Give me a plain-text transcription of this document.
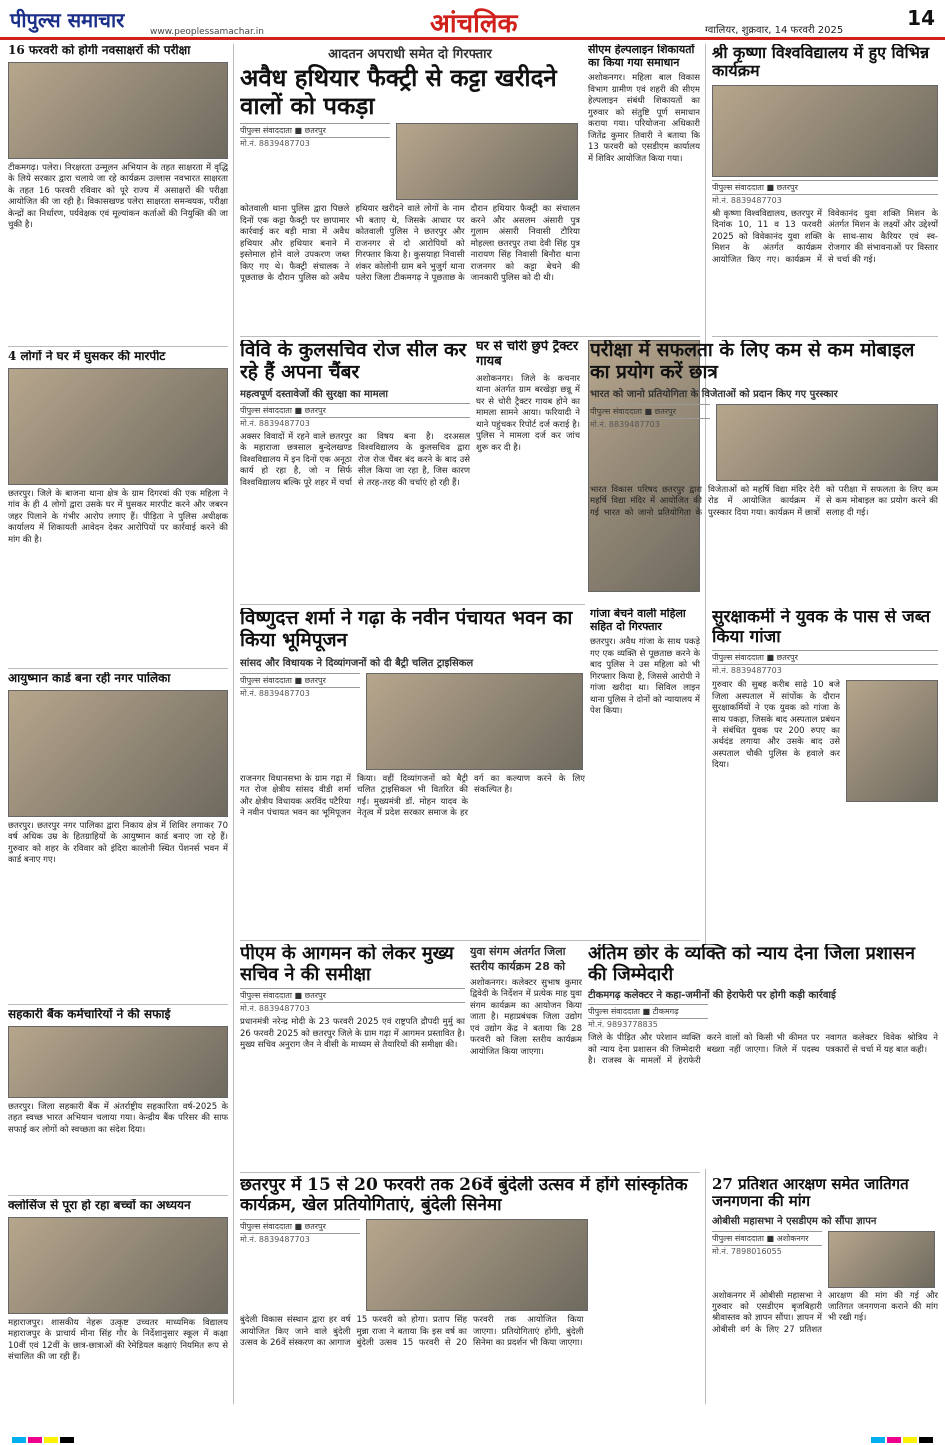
पीपुल्स समाचार	www.peoplessamachar.in	आंचलिक	ग्वालियर, शुक्रवार, 14 फरवरी 2025
14
16 फरवरी को होगी नवसाक्षरों की परीक्षा
टीकमगढ़। पलेरा। निरक्षरता उन्मूलन अभियान के तहत साक्षरता में वृद्धि के लिये सरकार द्वारा चलाये जा रहे कार्यक्रम उल्लास नवभारत साक्षरता के तहत 16 फरवरी रविवार को पूरे राज्य में असाक्षरों की परीक्षा आयोजित की जा रही है। विकासखण्ड पलेरा साक्षरता समन्वयक, परीक्षा केन्द्रों का निर्धारण, पर्यवेक्षक एवं मूल्यांकन कर्ताओं की नियुक्ति की जा चुकी है।
4 लोगों ने घर में घुसकर की मारपीट
छतरपुर। जिले के बाजना थाना क्षेत्र के ग्राम दिगरवां की एक महिला ने गांव के ही 4 लोगों द्वारा उसके घर में घुसकर मारपीट करने और जबरन जहर पिलाने के गंभीर आरोप लगाए हैं। पीड़िता ने पुलिस अधीक्षक कार्यालय में शिकायती आवेदन देकर आरोपियों पर कार्रवाई करने की मांग की है।
आयुष्मान कार्ड बना रही नगर पालिका
छतरपुर। छतरपुर नगर पालिका द्वारा निकाय क्षेत्र में शिविर लगाकर 70 वर्ष अधिक उम्र के हितग्राहियों के आयुष्मान कार्ड बनाए जा रहे हैं। गुरुवार को शहर के रविवार को इंदिरा कालोनी स्थित पेंशनर्स भवन में कार्ड बनाए गए।
सहकारी बैंक कर्मचारियों ने की सफाई
छतरपुर। जिला सहकारी बैंक में अंतर्राष्ट्रीय सहकारिता वर्ष-2025 के तहत स्वच्छ भारत अभियान चलाया गया। केन्द्रीय बैंक परिसर की साफ सफाई कर लोगों को स्वच्छता का संदेश दिया।
क्लोसिंज से पूरा हो रहा बच्चों का अध्ययन
महाराजपुर। शासकीय नेहरू उत्कृष्ट उच्चतर माध्यमिक विद्यालय महाराजपुर के प्राचार्य मीना सिंह गौर के निर्देशानुसार स्कूल में कक्षा 10वीं एवं 12वीं के छात्र-छात्राओं की रेमेडियल कक्षाएं नियमित रूप से संचालित की जा रही हैं।
आदतन अपराधी समेत दो गिरफ्तार
अवैध हथियार फैक्ट्री से कट्टा खरीदने वालों को पकड़ा
पीपुल्स संवाददाता ■ छतरपुर
मो.नं. 8839487703
कोतवाली थाना पुलिस द्वारा पिछले दिनों एक कट्टा फैक्ट्री पर छापामार कार्रवाई कर बड़ी मात्रा में अवैध हथियार और हथियार बनाने में इस्तेमाल होने वाले उपकरण जब्त किए गए थे। फैक्ट्री संचालक ने पूछताछ के दौरान पुलिस को अवैध हथियार खरीदने वाले लोगों के नाम भी बताए थे, जिसके आधार पर कोतवाली पुलिस ने छतरपुर और राजनगर से दो आरोपियों को गिरफ्तार किया है। कुसयाहा निवासी शंकर कोलोनी ग्राम बने भुजुर्ग थाना पलेरा जिला टीकमगढ़ ने पूछताछ के दौरान हथियार फैक्ट्री का संचालन करने और असलम अंसारी पुत्र गुलाम अंसारी निवासी टौरिया मोहल्ला छतरपुर तथा देवी सिंह पुत्र नारायण सिंह निवासी बिनौरा थाना राजनगर को कट्टा बेचने की जानकारी पुलिस को दी थी।
सीएम हेल्पलाइन शिकायतों का किया गया समाधान
अशोकनगर। महिला बाल विकास विभाग ग्रामीण एवं शहरी की सीएम हेल्पलाइन संबंधी शिकायतों का गुरुवार को संतुष्टि पूर्ण समाधान कराया गया। परियोजना अधिकारी जितेंद्र कुमार तिवारी ने बताया कि 13 फरवरी को एसडीएम कार्यालय में शिविर आयोजित किया गया।
विवि के कुलसचिव रोज सील कर रहे हैं अपना चैंबर
महत्वपूर्ण दस्तावेजों की सुरक्षा का मामला
पीपुल्स संवाददाता ■ छतरपुर
मो.नं. 8839487703
अक्सर विवादों में रहने वाले छतरपुर के महाराजा छत्रसाल बुन्देलखण्ड विश्वविद्यालय में इन दिनों एक अनूठा कार्य हो रहा है, जो न सिर्फ विश्वविद्यालय बल्कि पूरे शहर में चर्चा का विषय बना है। दरअसल विश्वविद्यालय के कुलसचिव द्वारा रोज रोज चैंबर बंद करने के बाद उसे सील किया जा रहा है, जिस कारण से तरह-तरह की चर्चाएं हो रही हैं।
घर से चोरी छुपे ट्रैक्टर गायब
अशोकनगर। जिले के कचनार थाना अंतर्गत ग्राम बरखेड़ा छन्नू में घर से चोरी ट्रैक्टर गायब होने का मामला सामने आया। फरियादी ने थाने पहुंचकर रिपोर्ट दर्ज कराई है। पुलिस ने मामला दर्ज कर जांच शुरू कर दी है।
विष्णुदत्त शर्मा ने गढ़ा के नवीन पंचायत भवन का किया भूमिपूजन
सांसद और विधायक ने दिव्यांगजनों को दी बैट्री चलित ट्राइसिकल
पीपुल्स संवाददाता ■ छतरपुर
मो.नं. 8839487703
राजनगर विधानसभा के ग्राम गढ़ा में गत रोज क्षेत्रीय सांसद वीडी शर्मा और क्षेत्रीय विधायक अरविंद पटैरिया ने नवीन पंचायत भवन का भूमिपूजन किया। वहीं दिव्यांगजनों को बैट्री चलित ट्राइसिकल भी वितरित की गईं। मुख्यमंत्री डॉ. मोहन यादव के नेतृत्व में प्रदेश सरकार समाज के हर वर्ग का कल्याण करने के लिए संकल्पित है।
गांजा बेचने वाली महिला सहित दो गिरफ्तार
छतरपुर। अवैध गांजा के साथ पकड़े गए एक व्यक्ति से पूछताछ करने के बाद पुलिस ने उस महिला को भी गिरफ्तार किया है, जिससे आरोपी ने गांजा खरीदा था। सिविल लाइन थाना पुलिस ने दोनों को न्यायालय में पेश किया।
पीएम के आगमन को लेकर मुख्य सचिव ने की समीक्षा
पीपुल्स संवाददाता ■ छतरपुर
मो.नं. 8839487703
प्रधानमंत्री नरेन्द्र मोदी के 23 फरवरी 2025 एवं राष्ट्रपति द्रौपदी मुर्मु का 26 फरवरी 2025 को छतरपुर जिले के ग्राम गढ़ा में आगमन प्रस्तावित है। मुख्य सचिव अनुराग जैन ने वीसी के माध्यम से तैयारियों की समीक्षा की।
युवा संगम अंतर्गत जिला स्तरीय कार्यक्रम 28 को
अशोकनगर। कलेक्टर सुभाष कुमार द्विवेदी के निर्देशन में प्रत्येक माह युवा संगम कार्यक्रम का आयोजन किया जाता है। महाप्रबंधक जिला उद्योग एवं उद्योग केंद्र ने बताया कि 28 फरवरी को जिला स्तरीय कार्यक्रम आयोजित किया जाएगा।
छतरपुर में 15 से 20 फरवरी तक 26वें बुंदेली उत्सव में होंगे सांस्कृतिक कार्यक्रम, खेल प्रतियोगिताएं, बुंदेली सिनेमा
पीपुल्स संवाददाता ■ छतरपुर
मो.नं. 8839487703
बुंदेली विकास संस्थान द्वारा हर वर्ष आयोजित किए जाने वाले बुंदेली उत्सव के 26वें संस्करण का आगाज 15 फरवरी को होगा। प्रताप सिंह मुन्ना राजा ने बताया कि इस वर्ष का बुंदेली उत्सव 15 फरवरी से 20 फरवरी तक आयोजित किया जाएगा। प्रतियोगिताएं होंगी, बुंदेली सिनेमा का प्रदर्शन भी किया जाएगा।
श्री कृष्णा विश्वविद्यालय में हुए विभिन्न कार्यक्रम
पीपुल्स संवाददाता ■ छतरपुर
मो.नं. 8839487703
श्री कृष्णा विश्वविद्यालय, छतरपुर में दिनांक 10, 11 व 13 फरवरी 2025 को विवेकानंद युवा शक्ति मिशन के अंतर्गत कार्यक्रम आयोजित किए गए। कार्यक्रम में विवेकानंद युवा शक्ति मिशन के अंतर्गत मिशन के लक्ष्यों और उद्देश्यों के साथ-साथ कैरियर एवं स्व-रोजगार की संभावनाओं पर विस्तार से चर्चा की गई।
परीक्षा में सफलता के लिए कम से कम मोबाइल का प्रयोग करें छात्र
भारत को जानो प्रतियोगिता के विजेताओं को प्रदान किए गए पुरस्कार
पीपुल्स संवाददाता ■ छतरपुर
मो.नं. 8839487703
भारत विकास परिषद छतरपुर द्वारा महर्षि विद्या मंदिर में आयोजित की गई भारत को जानो प्रतियोगिता के विजेताओं को महर्षि विद्या मंदिर देरी रोड में आयोजित कार्यक्रम में पुरस्कार दिया गया। कार्यक्रम में छात्रों को परीक्षा में सफलता के लिए कम से कम मोबाइल का प्रयोग करने की सलाह दी गई।
सुरक्षाकर्मी ने युवक के पास से जब्त किया गांजा
पीपुल्स संवाददाता ■ छतरपुर
मो.नं. 8839487703
गुरुवार की सुबह करीब साढ़े 10 बजे जिला अस्पताल में सांपोंक के दौरान सुरक्षाकर्मियों ने एक युवक को गांजा के साथ पकड़ा, जिसके बाद अस्पताल प्रबंधन ने संबंधित युवक पर 200 रुपए का अर्थदंड लगाया और उसके बाद उसे अस्पताल चौकी पुलिस के हवाले कर दिया।
अंतिम छोर के व्यक्ति को न्याय देना जिला प्रशासन की जिम्मेदारी
टीकमगढ़ कलेक्टर ने कहा-जमीनों की हेराफेरी पर होगी कड़ी कार्रवाई
पीपुल्स संवाददाता ■ टीकमगढ़
मो.नं. 9893778835
जिले के पीड़ित और परेशान व्यक्ति को न्याय देना प्रशासन की जिम्मेदारी है। राजस्व के मामलों में हेराफेरी करने वालों को किसी भी कीमत पर बख्शा नहीं जाएगा। जिले में पदस्थ नवागत कलेक्टर विवेक श्रोत्रिय ने पत्रकारों से चर्चा में यह बात कही।
27 प्रतिशत आरक्षण समेत जातिगत जनगणना की मांग
ओबीसी महासभा ने एसडीएम को सौंपा ज्ञापन
पीपुल्स संवाददाता ■ अशोकनगर
मो.नं. 7898016055
अशोकनगर में ओबीसी महासभा ने गुरुवार को एसडीएम बृजबिहारी श्रीवास्तव को ज्ञापन सौंपा। ज्ञापन में ओबीसी वर्ग के लिए 27 प्रतिशत आरक्षण की मांग की गई और जातिगत जनगणना कराने की मांग भी रखी गई।
